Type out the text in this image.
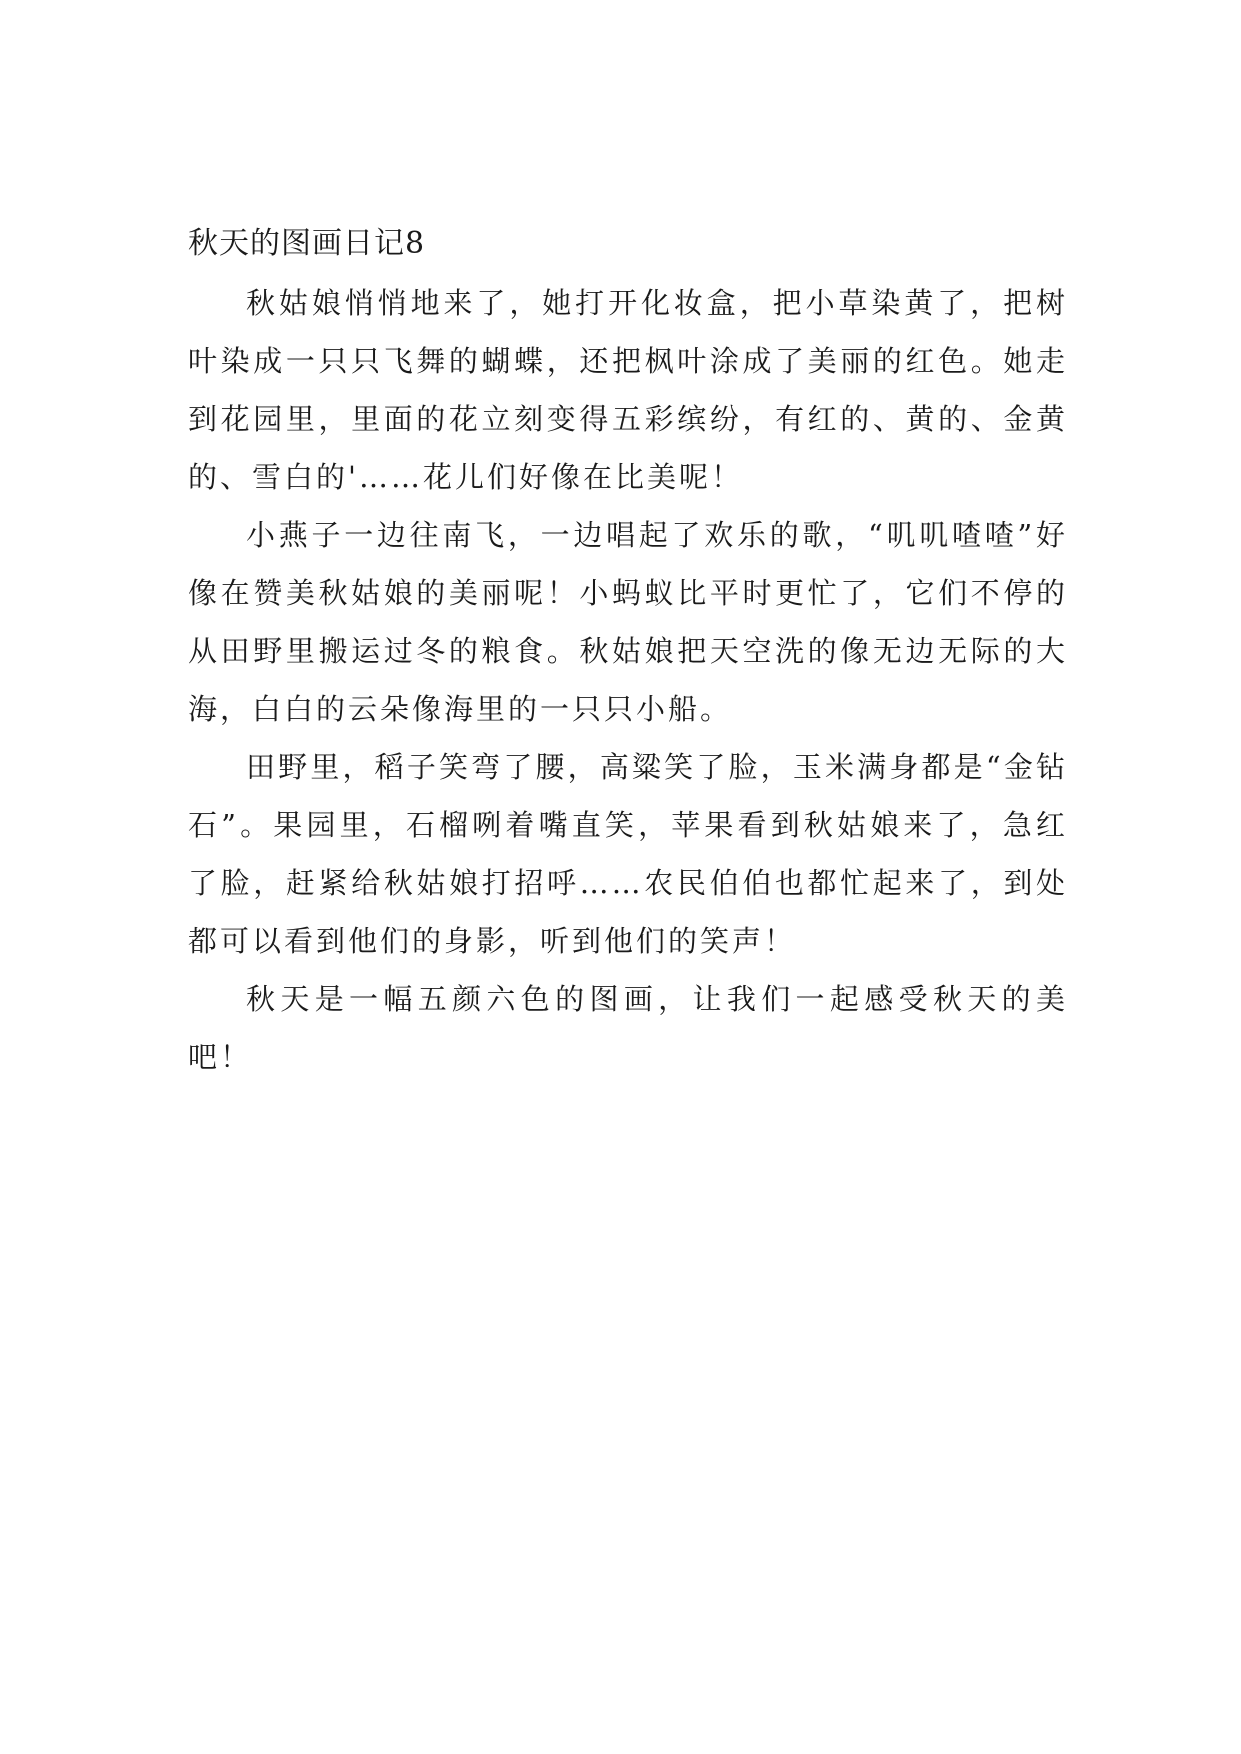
秋天的图画日记8

秋姑娘悄悄地来了，她打开化妆盒，把小草染黄了，把树叶染成一只只飞舞的蝴蝶，还把枫叶涂成了美丽的红色。她走到花园里，里面的花立刻变得五彩缤纷，有红的、黄的、金黄的、雪白的'……花儿们好像在比美呢！

小燕子一边往南飞，一边唱起了欢乐的歌，“叽叽喳喳”好像在赞美秋姑娘的美丽呢！小蚂蚁比平时更忙了，它们不停的从田野里搬运过冬的粮食。秋姑娘把天空洗的像无边无际的大海，白白的云朵像海里的一只只小船。

田野里，稻子笑弯了腰，高粱笑了脸，玉米满身都是“金钻石”。果园里，石榴咧着嘴直笑，苹果看到秋姑娘来了，急红了脸，赶紧给秋姑娘打招呼……农民伯伯也都忙起来了，到处都可以看到他们的身影，听到他们的笑声！

秋天是一幅五颜六色的图画，让我们一起感受秋天的美吧！
